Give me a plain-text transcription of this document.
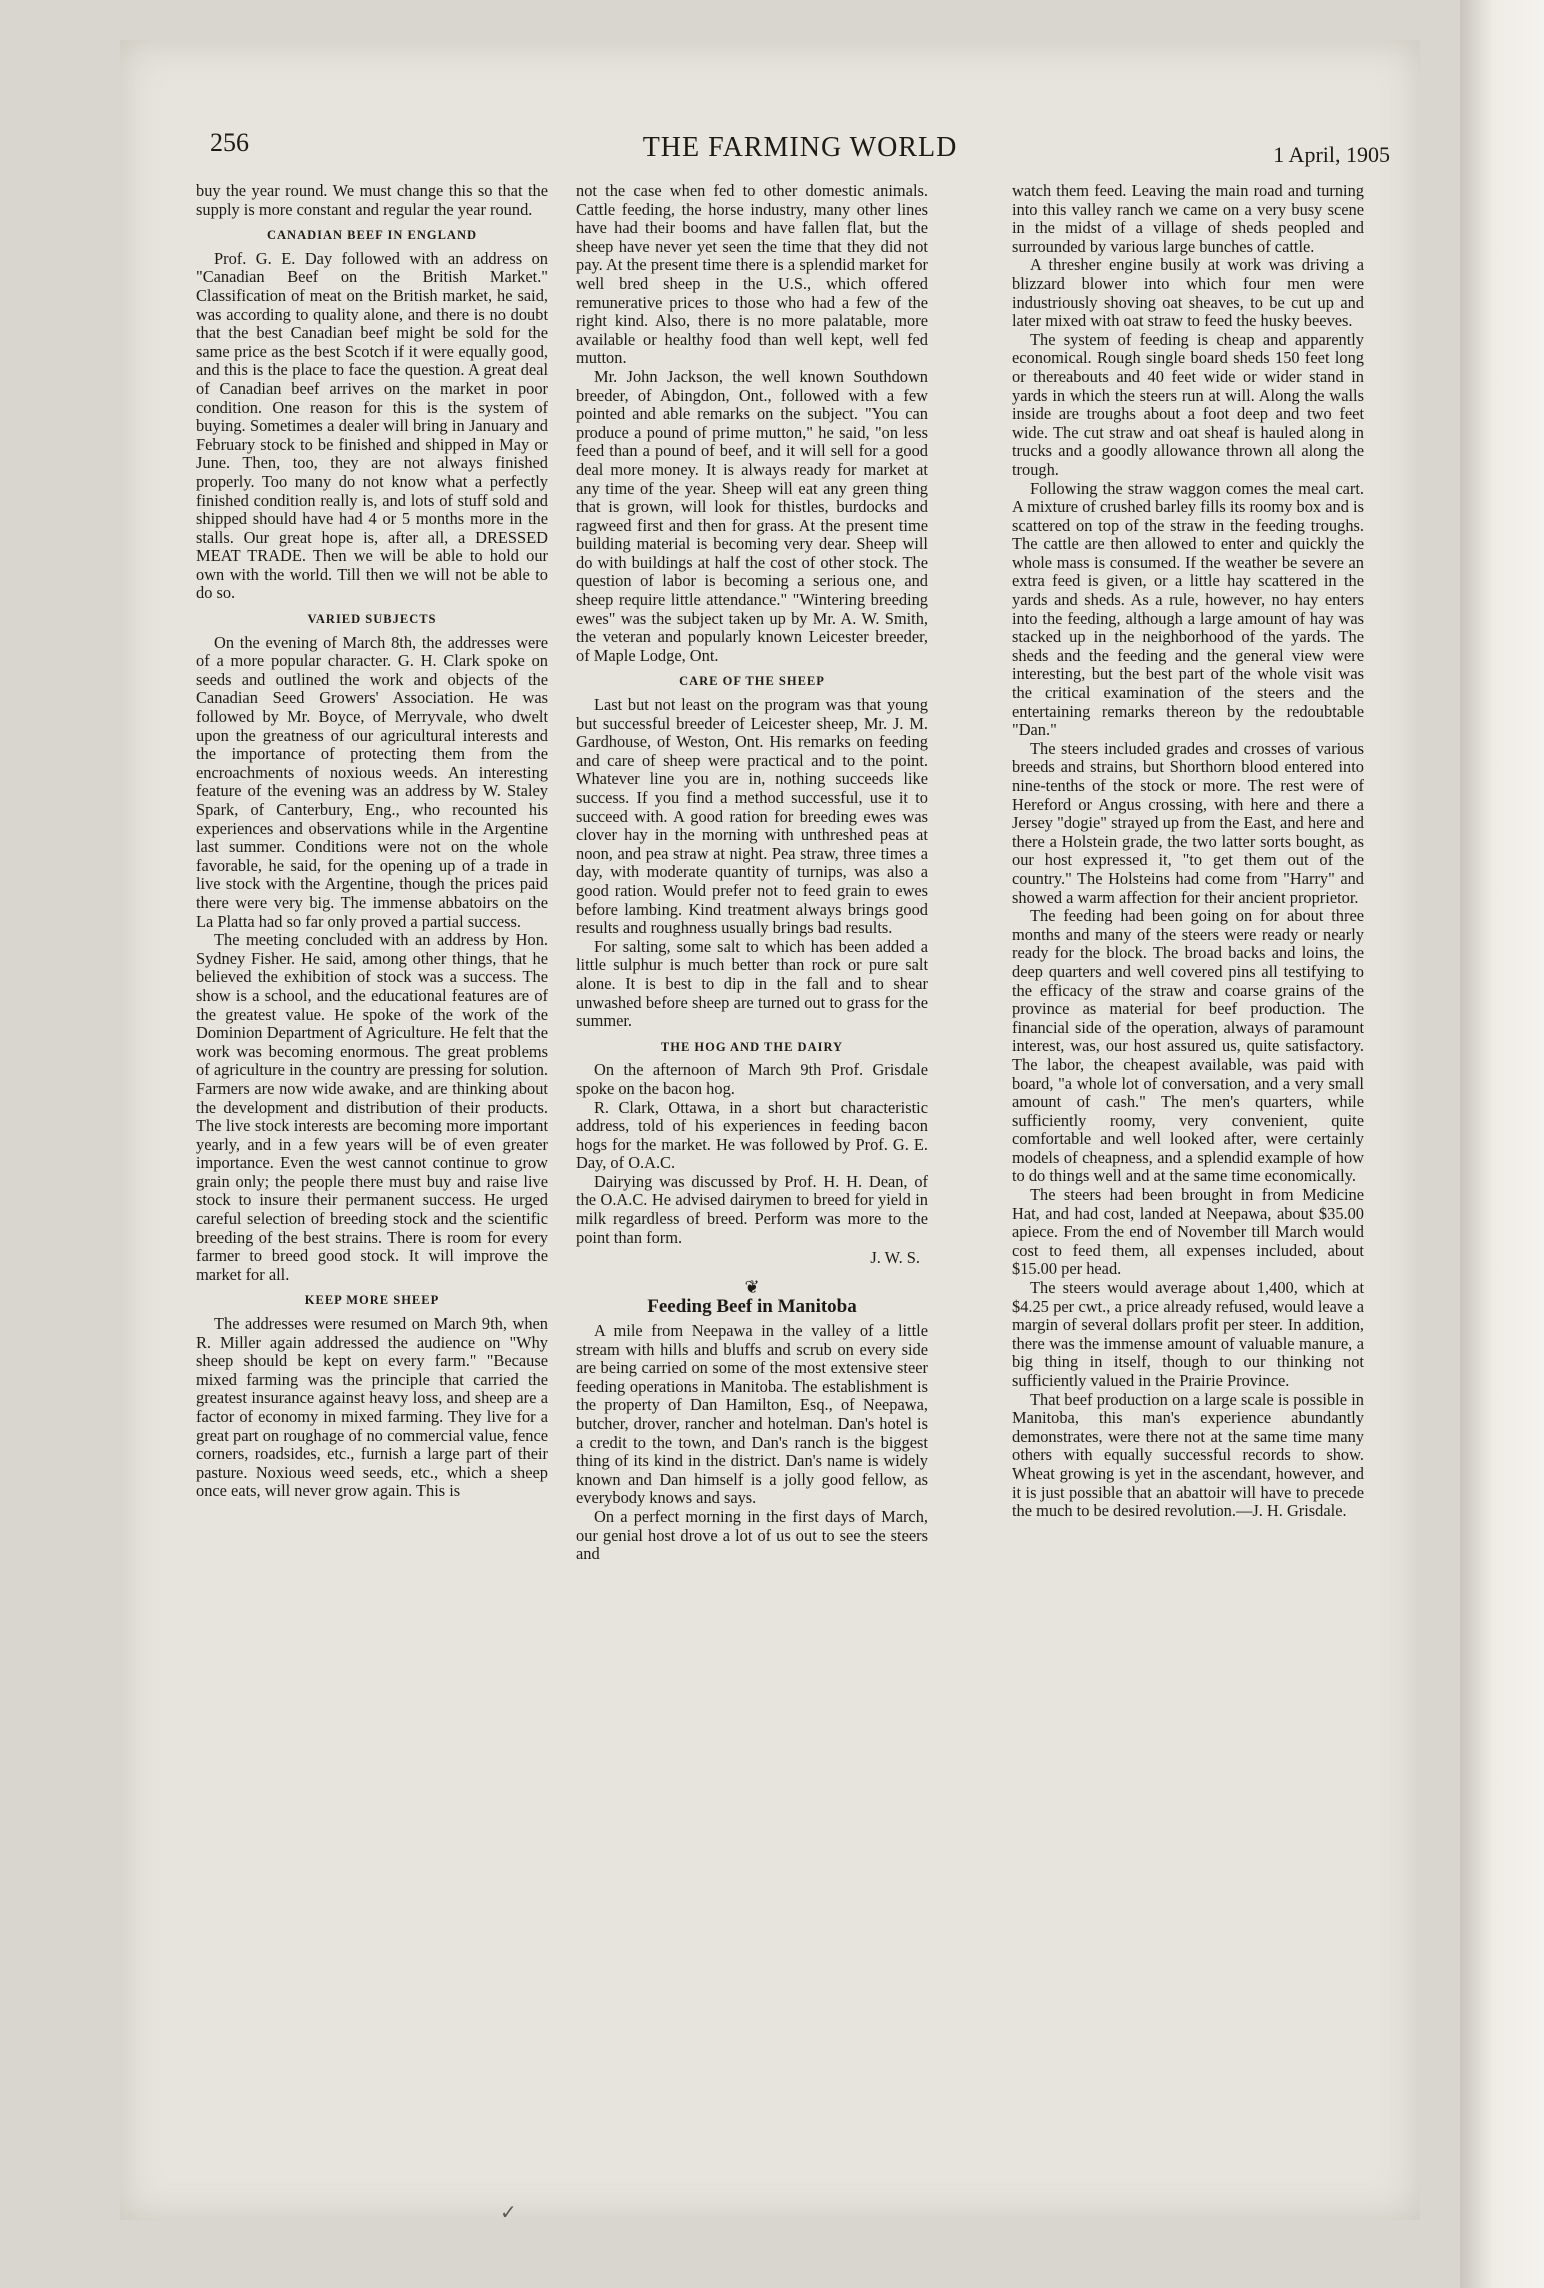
256	THE FARMING WORLD	1 April, 1905

buy the year round. We must change this so that the supply is more constant and regular the year round.

CANADIAN BEEF IN ENGLAND

Prof. G. E. Day followed with an address on "Canadian Beef on the British Market." Classification of meat on the British market, he said, was according to quality alone, and there is no doubt that the best Canadian beef might be sold for the same price as the best Scotch if it were equally good, and this is the place to face the question. A great deal of Canadian beef arrives on the market in poor condition. One reason for this is the system of buying. Sometimes a dealer will bring in January and February stock to be finished and shipped in May or June. Then, too, they are not always finished properly. Too many do not know what a perfectly finished condition really is, and lots of stuff sold and shipped should have had 4 or 5 months more in the stalls. Our great hope is, after all, a DRESSED MEAT TRADE. Then we will be able to hold our own with the world. Till then we will not be able to do so.

VARIED SUBJECTS

On the evening of March 8th, the addresses were of a more popular character. G. H. Clark spoke on seeds and outlined the work and objects of the Canadian Seed Growers' Association. He was followed by Mr. Boyce, of Merryvale, who dwelt upon the greatness of our agricultural interests and the importance of protecting them from the encroachments of noxious weeds. An interesting feature of the evening was an address by W. Staley Spark, of Canterbury, Eng., who recounted his experiences and observations while in the Argentine last summer. Conditions were not on the whole favorable, he said, for the opening up of a trade in live stock with the Argentine, though the prices paid there were very big. The immense abbatoirs on the La Platta had so far only proved a partial success.

The meeting concluded with an address by Hon. Sydney Fisher. He said, among other things, that he believed the exhibition of stock was a success. The show is a school, and the educational features are of the greatest value. He spoke of the work of the Dominion Department of Agriculture. He felt that the work was becoming enormous. The great problems of agriculture in the country are pressing for solution. Farmers are now wide awake, and are thinking about the development and distribution of their products. The live stock interests are becoming more important yearly, and in a few years will be of even greater importance. Even the west cannot continue to grow grain only; the people there must buy and raise live stock to insure their permanent success. He urged careful selection of breeding stock and the scientific breeding of the best strains. There is room for every farmer to breed good stock. It will improve the market for all.

KEEP MORE SHEEP

The addresses were resumed on March 9th, when R. Miller again addressed the audience on "Why sheep should be kept on every farm." "Because mixed farming was the principle that carried the greatest insurance against heavy loss, and sheep are a factor of economy in mixed farming. They live for a great part on roughage of no commercial value, fence corners, roadsides, etc., furnish a large part of their pasture. Noxious weed seeds, etc., which a sheep once eats, will never grow again. This is

not the case when fed to other domestic animals. Cattle feeding, the horse industry, many other lines have had their booms and have fallen flat, but the sheep have never yet seen the time that they did not pay. At the present time there is a splendid market for well bred sheep in the U.S., which offered remunerative prices to those who had a few of the right kind. Also, there is no more palatable, more available or healthy food than well kept, well fed mutton.

Mr. John Jackson, the well known Southdown breeder, of Abingdon, Ont., followed with a few pointed and able remarks on the subject. "You can produce a pound of prime mutton," he said, "on less feed than a pound of beef, and it will sell for a good deal more money. It is always ready for market at any time of the year. Sheep will eat any green thing that is grown, will look for thistles, burdocks and ragweed first and then for grass. At the present time building material is becoming very dear. Sheep will do with buildings at half the cost of other stock. The question of labor is becoming a serious one, and sheep require little attendance." "Wintering breeding ewes" was the subject taken up by Mr. A. W. Smith, the veteran and popularly known Leicester breeder, of Maple Lodge, Ont.

CARE OF THE SHEEP

Last but not least on the program was that young but successful breeder of Leicester sheep, Mr. J. M. Gardhouse, of Weston, Ont. His remarks on feeding and care of sheep were practical and to the point. Whatever line you are in, nothing succeeds like success. If you find a method successful, use it to succeed with. A good ration for breeding ewes was clover hay in the morning with unthreshed peas at noon, and pea straw at night. Pea straw, three times a day, with moderate quantity of turnips, was also a good ration. Would prefer not to feed grain to ewes before lambing. Kind treatment always brings good results and roughness usually brings bad results.

For salting, some salt to which has been added a little sulphur is much better than rock or pure salt alone. It is best to dip in the fall and to shear unwashed before sheep are turned out to grass for the summer.

THE HOG AND THE DAIRY

On the afternoon of March 9th Prof. Grisdale spoke on the bacon hog.

R. Clark, Ottawa, in a short but characteristic address, told of his experiences in feeding bacon hogs for the market. He was followed by Prof. G. E. Day, of O.A.C.

Dairying was discussed by Prof. H. H. Dean, of the O.A.C. He advised dairymen to breed for yield in milk regardless of breed. Perform was more to the point than form.

J. W. S.
❦
Feeding Beef in Manitoba

A mile from Neepawa in the valley of a little stream with hills and bluffs and scrub on every side are being carried on some of the most extensive steer feeding operations in Manitoba. The establishment is the property of Dan Hamilton, Esq., of Neepawa, butcher, drover, rancher and hotelman. Dan's hotel is a credit to the town, and Dan's ranch is the biggest thing of its kind in the district. Dan's name is widely known and Dan himself is a jolly good fellow, as everybody knows and says.

On a perfect morning in the first days of March, our genial host drove a lot of us out to see the steers and

watch them feed. Leaving the main road and turning into this valley ranch we came on a very busy scene in the midst of a village of sheds peopled and surrounded by various large bunches of cattle.

A thresher engine busily at work was driving a blizzard blower into which four men were industriously shoving oat sheaves, to be cut up and later mixed with oat straw to feed the husky beeves.

The system of feeding is cheap and apparently economical. Rough single board sheds 150 feet long or thereabouts and 40 feet wide or wider stand in yards in which the steers run at will. Along the walls inside are troughs about a foot deep and two feet wide. The cut straw and oat sheaf is hauled along in trucks and a goodly allowance thrown all along the trough.

Following the straw waggon comes the meal cart. A mixture of crushed barley fills its roomy box and is scattered on top of the straw in the feeding troughs. The cattle are then allowed to enter and quickly the whole mass is consumed. If the weather be severe an extra feed is given, or a little hay scattered in the yards and sheds. As a rule, however, no hay enters into the feeding, although a large amount of hay was stacked up in the neighborhood of the yards. The sheds and the feeding and the general view were interesting, but the best part of the whole visit was the critical examination of the steers and the entertaining remarks thereon by the redoubtable "Dan."

The steers included grades and crosses of various breeds and strains, but Shorthorn blood entered into nine-tenths of the stock or more. The rest were of Hereford or Angus crossing, with here and there a Jersey "dogie" strayed up from the East, and here and there a Holstein grade, the two latter sorts bought, as our host expressed it, "to get them out of the country." The Holsteins had come from "Harry" and showed a warm affection for their ancient proprietor.

The feeding had been going on for about three months and many of the steers were ready or nearly ready for the block. The broad backs and loins, the deep quarters and well covered pins all testifying to the efficacy of the straw and coarse grains of the province as material for beef production. The financial side of the operation, always of paramount interest, was, our host assured us, quite satisfactory. The labor, the cheapest available, was paid with board, "a whole lot of conversation, and a very small amount of cash." The men's quarters, while sufficiently roomy, very convenient, quite comfortable and well looked after, were certainly models of cheapness, and a splendid example of how to do things well and at the same time economically.

The steers had been brought in from Medicine Hat, and had cost, landed at Neepawa, about $35.00 apiece. From the end of November till March would cost to feed them, all expenses included, about $15.00 per head.

The steers would average about 1,400, which at $4.25 per cwt., a price already refused, would leave a margin of several dollars profit per steer. In addition, there was the immense amount of valuable manure, a big thing in itself, though to our thinking not sufficiently valued in the Prairie Province.

That beef production on a large scale is possible in Manitoba, this man's experience abundantly demonstrates, were there not at the same time many others with equally successful records to show. Wheat growing is yet in the ascendant, however, and it is just possible that an abattoir will have to precede the much to be desired revolution.—J. H. Grisdale.

✓
